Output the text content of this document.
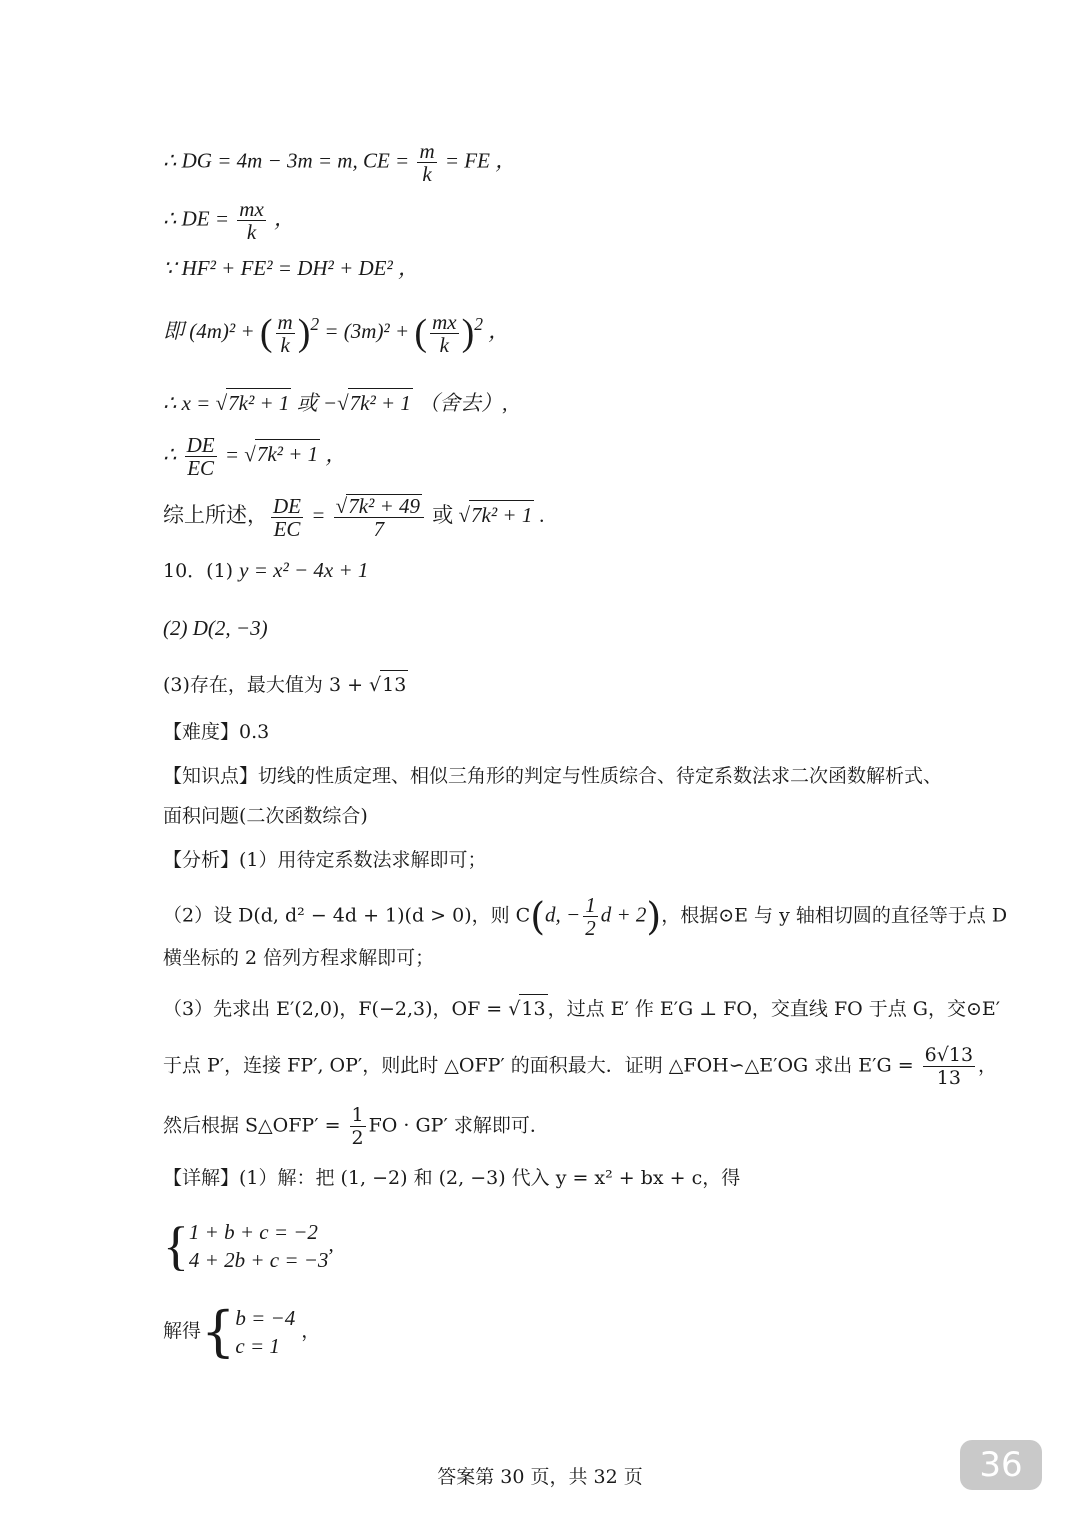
∴ DG = 4m − 3m = m, CE = $\frac{m}{k}$ = FE ，
∴ DE = $\frac{mx}{k}$ ，
∵ HF² + FE² = DH² + DE² ，
即 (4m)² + ( $\frac{m}{k} )^2 = (3m)^2$ + ( $\frac{mx}{k} )^2$ ，
∴ x = √7k² + 1 或 −√7k² + 1 （舍去）,
∴ $\frac{DE}{EC} = √7k^2 + 1$ ，
综上所述， $\frac{DE}{EC} = \frac{\text{√7k² + 49}}{7}$ 或 √7k² + 1 .
10．(1) y = x² − 4x + 1
(2) D(2, −3)
(3)存在，最大值为 3 + √13
【难度】0.3
【知识点】切线的性质定理、相似三角形的判定与性质综合、待定系数法求二次函数解析式、
面积问题(二次函数综合)
【分析】(1）用待定系数法求解即可；
（2）设 D(d, d² − 4d + 1)(d > 0)，则 C(d, − $\frac{1}{2}$ d + 2)，根据⊙E 与 y 轴相切圆的直径等于点 D
横坐标的 2 倍列方程求解即可；
（3）先求出 E′(2,0)，F(−2,3)，OF = √13 ，过点 E′ 作 E′G ⊥ FO，交直线 FO 于点 G，交⊙E′
于点 P′，连接 FP′, OP′，则此时 △OFP′ 的面积最大．证明 △FOH∽△E′OG 求出 $E'G = \frac{6√13}{13}$ ，
然后根据 S△OFP′ = $\frac{1}{2}$ FO · GP′ 求解即可．
【详解】(1）解：把 (1, −2) 和 (2, −3) 代入 y = x² + bx + c，得
{ 1 + b + c = −2
4 + 2b + c = −3
,
解得{ b = −4
c = 1
，
答案第 30 页，共 32 页	36
